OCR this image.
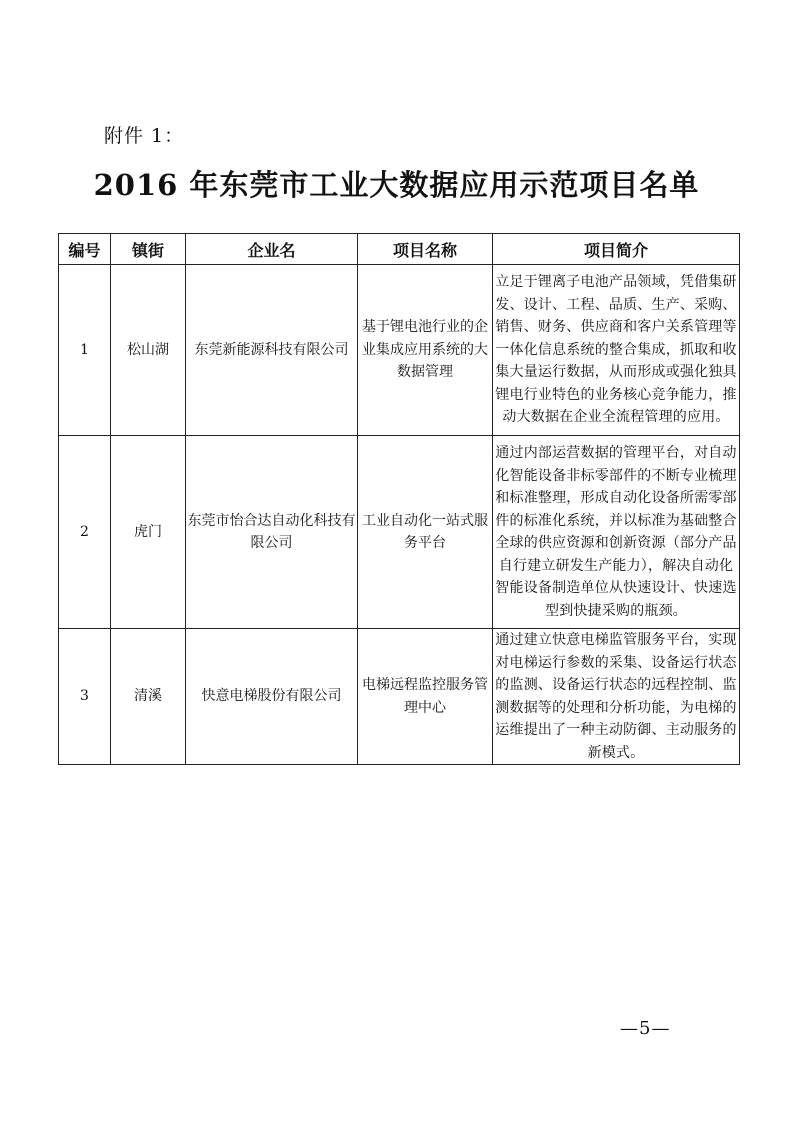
附件 1：
2016 年东莞市工业大数据应用示范项目名单
编号	镇街	企业名	项目名称	项目简介
1	松山湖	东莞新能源科技有限公司	基于锂电池行业的企业集成应用系统的大数据管理	立足于锂离子电池产品领域，凭借集研发、设计、工程、品质、生产、采购、销售、财务、供应商和客户关系管理等一体化信息系统的整合集成，抓取和收集大量运行数据，从而形成或强化独具锂电行业特色的业务核心竞争能力，推动大数据在企业全流程管理的应用。
2	虎门	东莞市怡合达自动化科技有限公司	工业自动化一站式服务平台	通过内部运营数据的管理平台，对自动化智能设备非标零部件的不断专业梳理和标准整理，形成自动化设备所需零部件的标准化系统，并以标准为基础整合全球的供应资源和创新资源（部分产品自行建立研发生产能力），解决自动化智能设备制造单位从快速设计、快速选型到快捷采购的瓶颈。
3	清溪	快意电梯股份有限公司	电梯远程监控服务管理中心	通过建立快意电梯监管服务平台，实现对电梯运行参数的采集、设备运行状态的监测、设备运行状态的远程控制、监测数据等的处理和分析功能，为电梯的运维提出了一种主动防御、主动服务的新模式。
—5—
